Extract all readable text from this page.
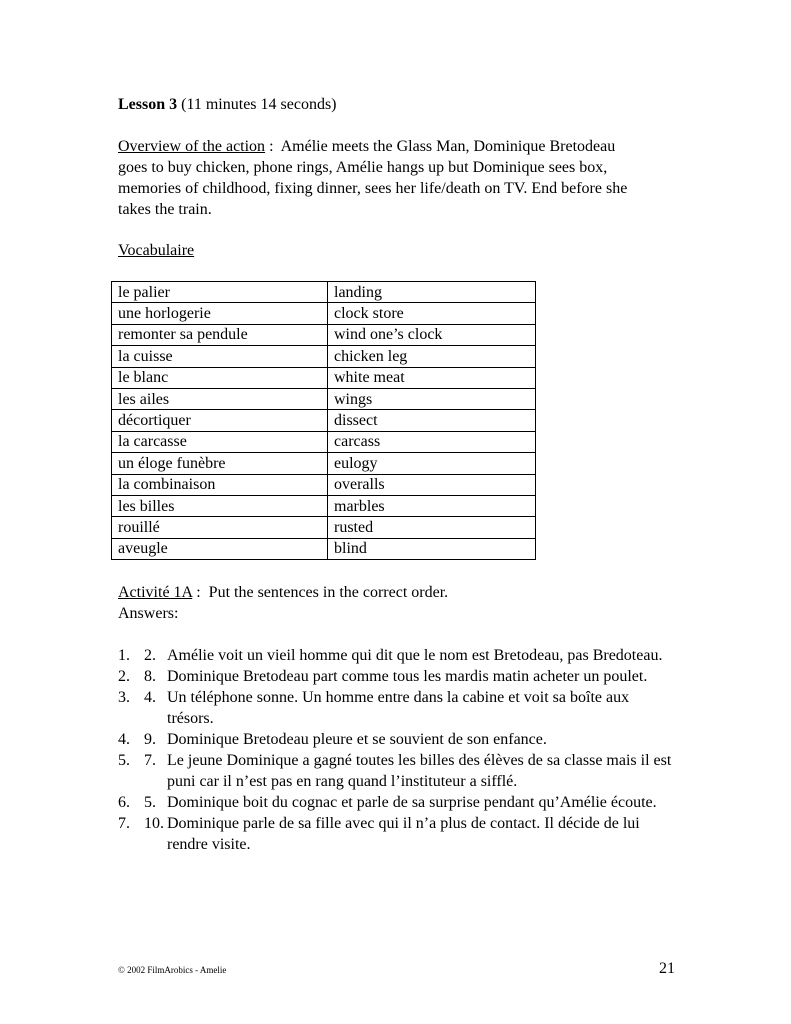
Lesson 3 (11 minutes 14 seconds)
Overview of the action :  Amélie meets the Glass Man, Dominique Bretodeau goes to buy chicken, phone rings, Amélie hangs up but Dominique sees box, memories of childhood, fixing dinner, sees her life/death on TV. End before she takes the train.
Vocabulaire
le palier	landing
une horlogerie	clock store
remonter sa pendule	wind one’s clock
la cuisse	chicken leg
le blanc	white meat
les ailes	wings
décortiquer	dissect
la carcasse	carcass
un éloge funèbre	eulogy
la combinaison	overalls
les billes	marbles
rouillé	rusted
aveugle	blind
Activité 1A :  Put the sentences in the correct order.
Answers:
1. 2. Amélie voit un vieil homme qui dit que le nom est Bretodeau, pas Bredoteau.
2. 8. Dominique Bretodeau part comme tous les mardis matin acheter un poulet.
3. 4. Un téléphone sonne. Un homme entre dans la cabine et voit sa boîte aux trésors.
4. 9. Dominique Bretodeau pleure et se souvient de son enfance.
5. 7. Le jeune Dominique a gagné toutes les billes des élèves de sa classe mais il est puni car il n’est pas en rang quand l’instituteur a sifflé.
6. 5. Dominique boit du cognac et parle de sa surprise pendant qu’Amélie écoute.
7. 10. Dominique parle de sa fille avec qui il n’a plus de contact. Il décide de lui rendre visite.
© 2002 FilmArobics - Amelie	21
